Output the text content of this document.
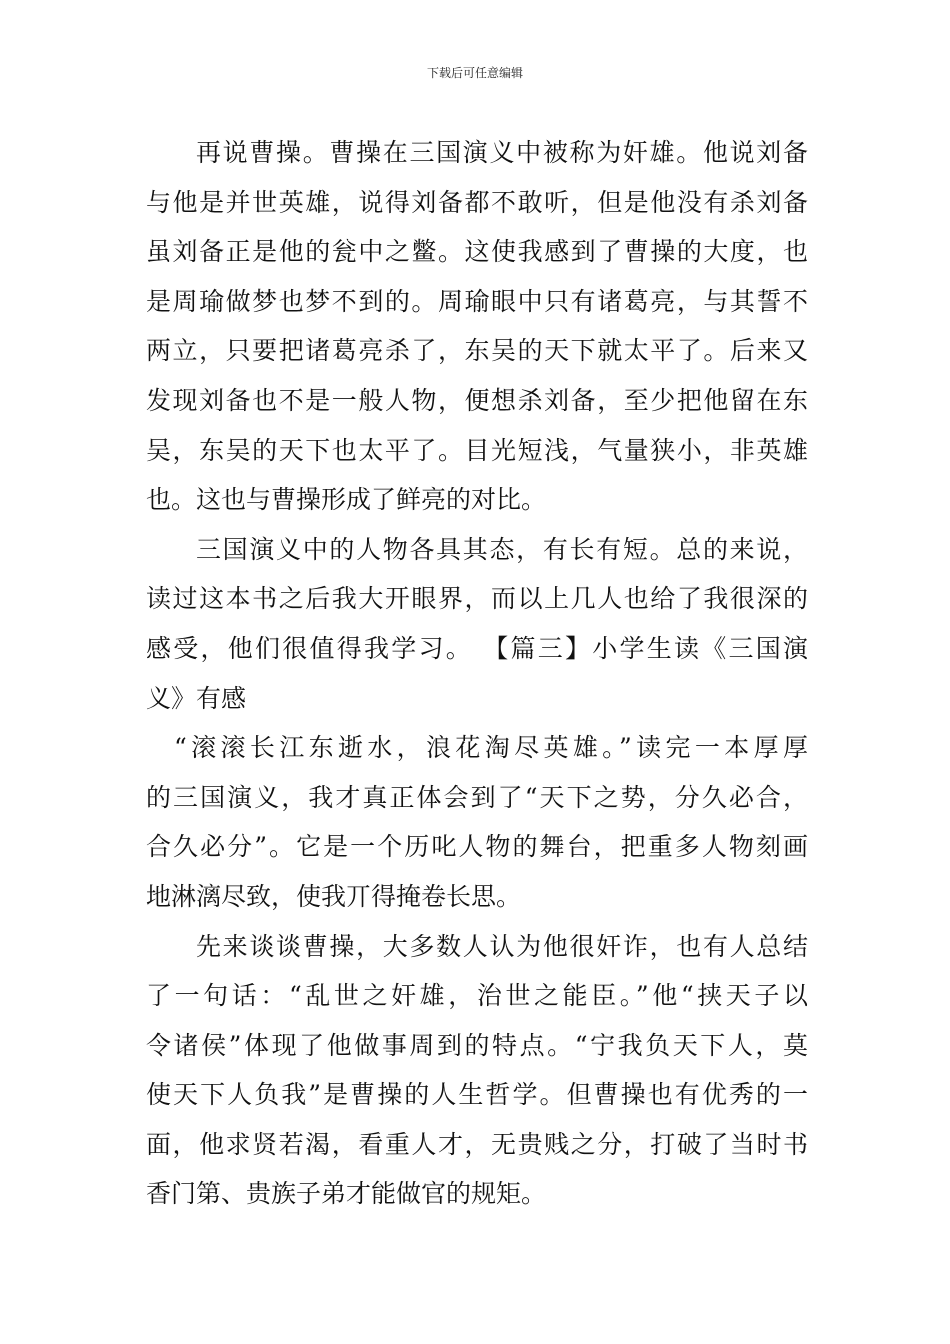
下载后可任意编辑
再说曹操。曹操在三国演义中被称为奸雄。他说刘备
与他是并世英雄，说得刘备都不敢听，但是他没有杀刘备
虽刘备正是他的瓮中之鳖。这使我感到了曹操的大度，也
是周瑜做梦也梦不到的。周瑜眼中只有诸葛亮，与其誓不
两立，只要把诸葛亮杀了，东吴的天下就太平了。后来又
发现刘备也不是一般人物，便想杀刘备，至少把他留在东
吴，东吴的天下也太平了。目光短浅，气量狭小，非英雄
也。这也与曹操形成了鲜亮的对比。
三国演义中的人物各具其态，有长有短。总的来说，
读过这本书之后我大开眼界，而以上几人也给了我很深的
感受，他们很值得我学习。 【篇三】小学生读《三国演
义》有感
“滚滚长江东逝水，浪花淘尽英雄。”读完一本厚厚
的三国演义，我才真正体会到了“天下之势，分久必合，
合久必分”。它是一个历叱人物的舞台，把重多人物刻画
地淋漓尽致，使我丌得掩卷长思。
先来谈谈曹操，大多数人认为他很奸诈，也有人总结
了一句话：“乱世之奸雄，治世之能臣。”他“挟天子以
令诸侯”体现了他做事周到的特点。“宁我负天下人，莫
使天下人负我”是曹操的人生哲学。但曹操也有优秀的一
面，他求贤若渴，看重人才，无贵贱之分，打破了当时书
香门第、贵族子弟才能做官的规矩。
